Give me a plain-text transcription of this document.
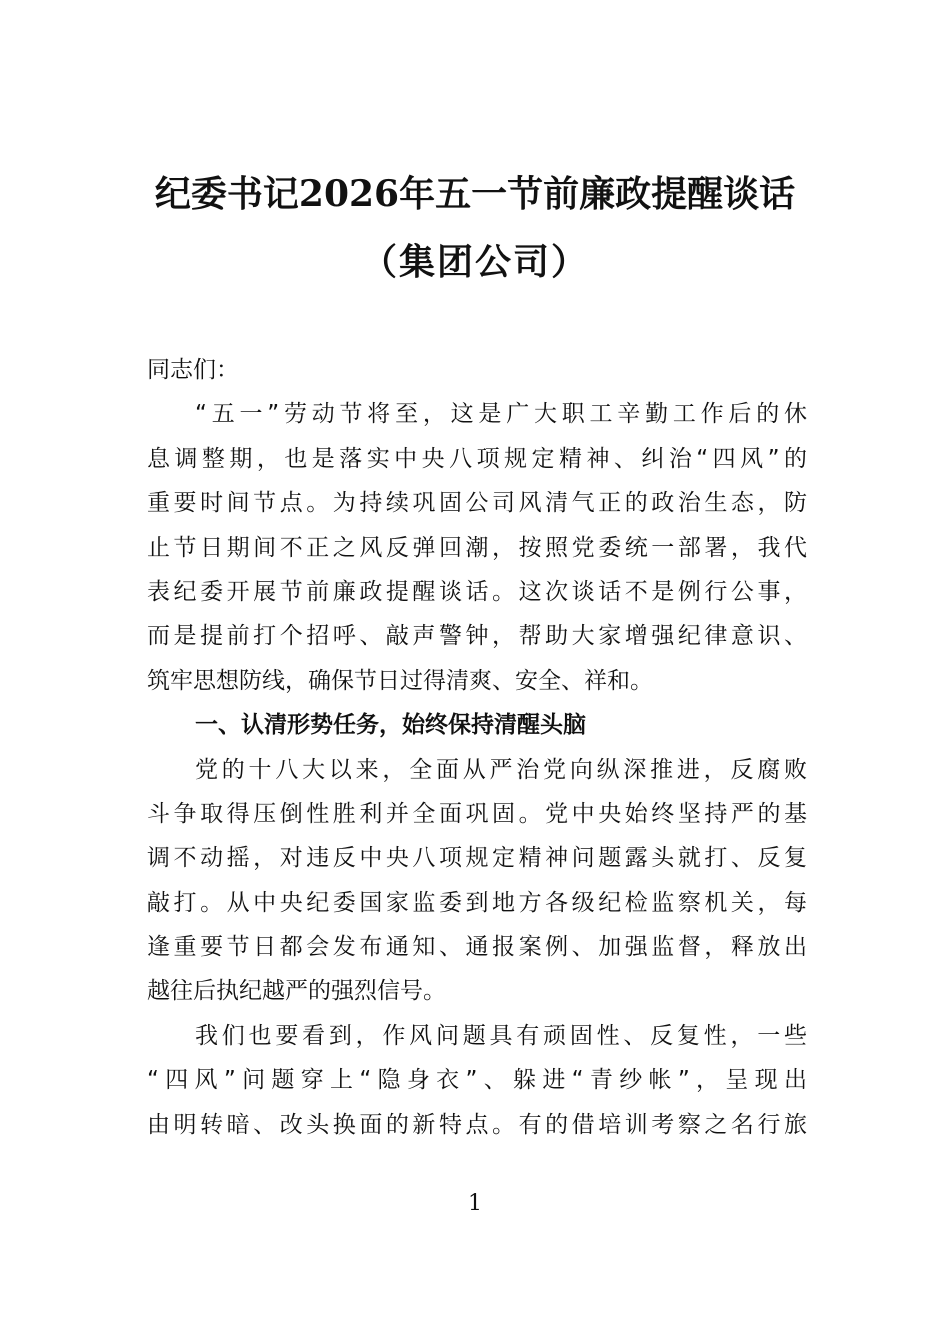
纪委书记2026年五一节前廉政提醒谈话
（集团公司）
同志们：
“五一”劳动节将至，这是广大职工辛勤工作后的休
息调整期，也是落实中央八项规定精神、纠治“四风”的
重要时间节点。为持续巩固公司风清气正的政治生态，防
止节日期间不正之风反弹回潮，按照党委统一部署，我代
表纪委开展节前廉政提醒谈话。这次谈话不是例行公事，
而是提前打个招呼、敲声警钟，帮助大家增强纪律意识、
筑牢思想防线，确保节日过得清爽、安全、祥和。
一、认清形势任务，始终保持清醒头脑
党的十八大以来，全面从严治党向纵深推进，反腐败
斗争取得压倒性胜利并全面巩固。党中央始终坚持严的基
调不动摇，对违反中央八项规定精神问题露头就打、反复
敲打。从中央纪委国家监委到地方各级纪检监察机关，每
逢重要节日都会发布通知、通报案例、加强监督，释放出
越往后执纪越严的强烈信号。
我们也要看到，作风问题具有顽固性、反复性，一些
“四风”问题穿上“隐身衣”、躲进“青纱帐”，呈现出
由明转暗、改头换面的新特点。有的借培训考察之名行旅
1
